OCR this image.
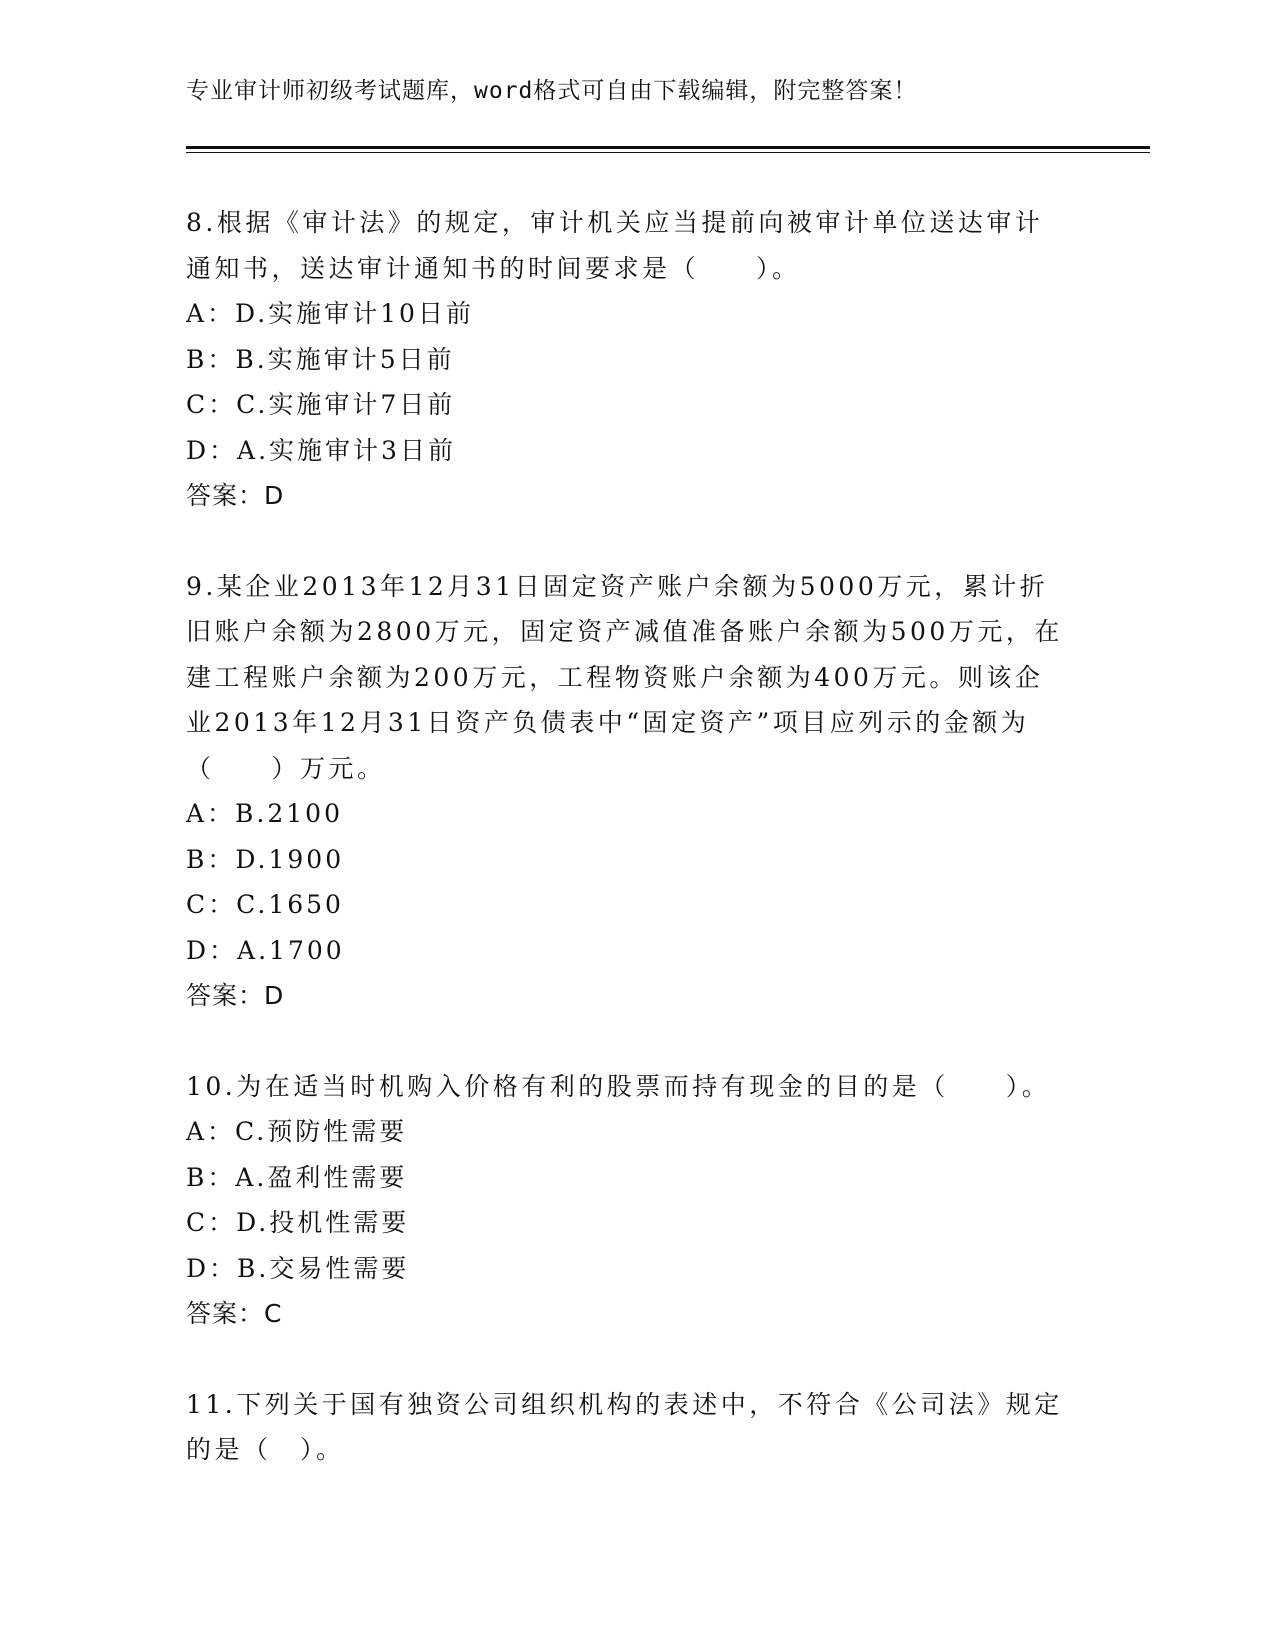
专业审计师初级考试题库，word格式可自由下载编辑，附完整答案！
8.根据《审计法》的规定，审计机关应当提前向被审计单位送达审计通知书，送达审计通知书的时间要求是（　　）。
A：D.实施审计10日前
B：B.实施审计5日前
C：C.实施审计7日前
D：A.实施审计3日前
答案：D
9.某企业2013年12月31日固定资产账户余额为5000万元，累计折旧账户余额为2800万元，固定资产减值准备账户余额为500万元，在建工程账户余额为200万元，工程物资账户余额为400万元。则该企业2013年12月31日资产负债表中“固定资产”项目应列示的金额为（　　）万元。
A：B.2100
B：D.1900
C：C.1650
D：A.1700
答案：D
10.为在适当时机购入价格有利的股票而持有现金的目的是（　　）。
A：C.预防性需要
B：A.盈利性需要
C：D.投机性需要
D：B.交易性需要
答案：C
11.下列关于国有独资公司组织机构的表述中，不符合《公司法》规定的是（　）。
